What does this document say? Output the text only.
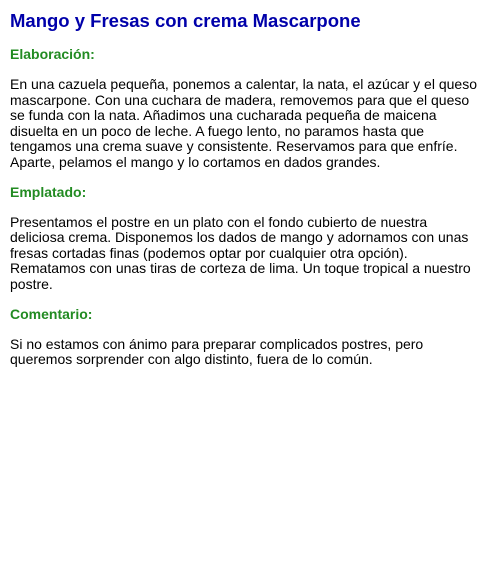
Mango y Fresas con crema Mascarpone
Elaboración:

En una cazuela pequeña, ponemos a calentar, la nata, el azúcar y el queso mascarpone. Con una cuchara de madera, removemos para que el queso se funda con la nata. Añadimos una cucharada pequeña de maicena disuelta en un poco de leche. A fuego lento, no paramos hasta que tengamos una crema suave y consistente. Reservamos para que enfríe. Aparte, pelamos el mango y lo cortamos en dados grandes.

Emplatado:

Presentamos el postre en un plato con el fondo cubierto de nuestra deliciosa crema. Disponemos los dados de mango y adornamos con unas fresas cortadas finas (podemos optar por cualquier otra opción). Rematamos con unas tiras de corteza de lima. Un toque tropical a nuestro postre.

Comentario:

Si no estamos con ánimo para preparar complicados postres, pero queremos sorprender con algo distinto, fuera de lo común.
